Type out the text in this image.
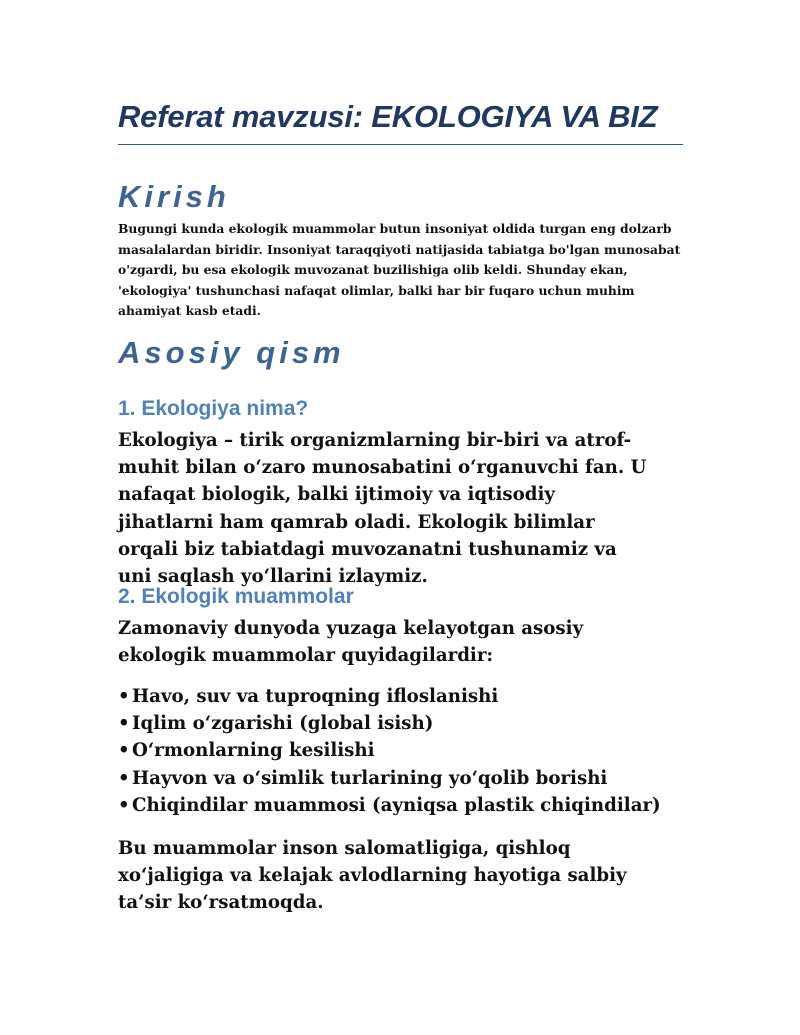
Referat mavzusi: EKOLOGIYA VA BIZ
Kirish

Bugungi kunda ekologik muammolar butun insoniyat oldida turgan eng dolzarb masalalardan biridir. Insoniyat taraqqiyoti natijasida tabiatga bo'lgan munosabat o'zgardi, bu esa ekologik muvozanat buzilishiga olib keldi. Shunday ekan, 'ekologiya' tushunchasi nafaqat olimlar, balki har bir fuqaro uchun muhim ahamiyat kasb etadi.

Asosiy qism
1. Ekologiya nima?

Ekologiya – tirik organizmlarning bir-biri va atrof-muhit bilan o‘zaro munosabatini o‘rganuvchi fan. U nafaqat biologik, balki ijtimoiy va iqtisodiy jihatlarni ham qamrab oladi. Ekologik bilimlar orqali biz tabiatdagi muvozanatni tushunamiz va uni saqlash yo‘llarini izlaymiz.

2. Ekologik muammolar

Zamonaviy dunyoda yuzaga kelayotgan asosiy ekologik muammolar quyidagilardir:

• Havo, suv va tuproqning ifloslanishi
• Iqlim o‘zgarishi (global isish)
• O‘rmonlarning kesilishi
• Hayvon va o‘simlik turlarining yo‘qolib borishi
• Chiqindilar muammosi (ayniqsa plastik chiqindilar)

Bu muammolar inson salomatligiga, qishloq xo‘jaligiga va kelajak avlodlarning hayotiga salbiy ta’sir ko‘rsatmoqda.
